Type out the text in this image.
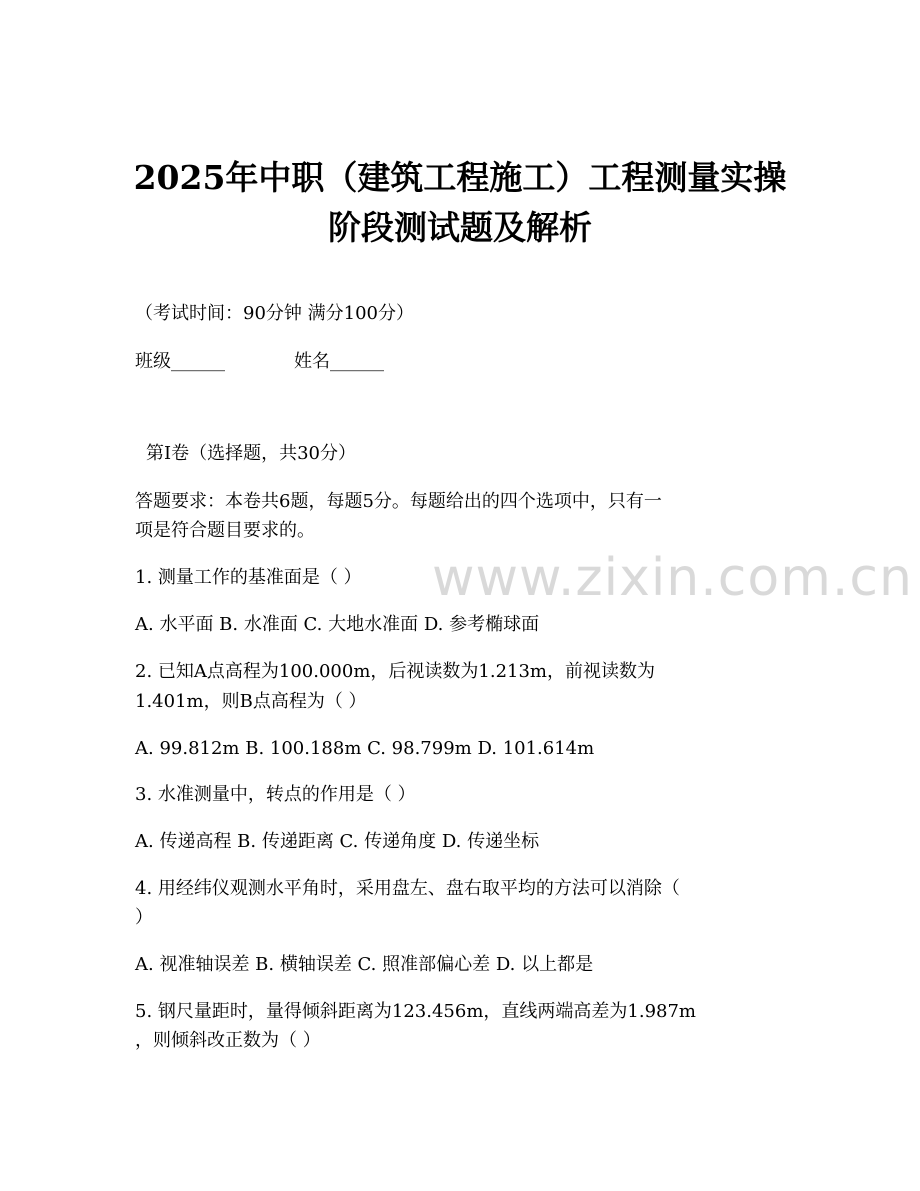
2025年中职（建筑工程施工）工程测量实操
阶段测试题及解析
（考试时间：90分钟 满分100分）
班级______	姓名______
第I卷（选择题，共30分）
答题要求：本卷共6题，每题5分。每题给出的四个选项中，只有一
项是符合题目要求的。
1. 测量工作的基准面是（ ）
A. 水平面 B. 水准面 C. 大地水准面 D. 参考椭球面
2. 已知A点高程为100.000m，后视读数为1.213m，前视读数为
1.401m，则B点高程为（ ）
A. 99.812m B. 100.188m C. 98.799m D. 101.614m
3. 水准测量中，转点的作用是（ ）
A. 传递高程 B. 传递距离 C. 传递角度 D. 传递坐标
4. 用经纬仪观测水平角时，采用盘左、盘右取平均的方法可以消除（
）
A. 视准轴误差 B. 横轴误差 C. 照准部偏心差 D. 以上都是
5. 钢尺量距时，量得倾斜距离为123.456m，直线两端高差为1.987m
，则倾斜改正数为（ ）
www.zixin.com.cn
